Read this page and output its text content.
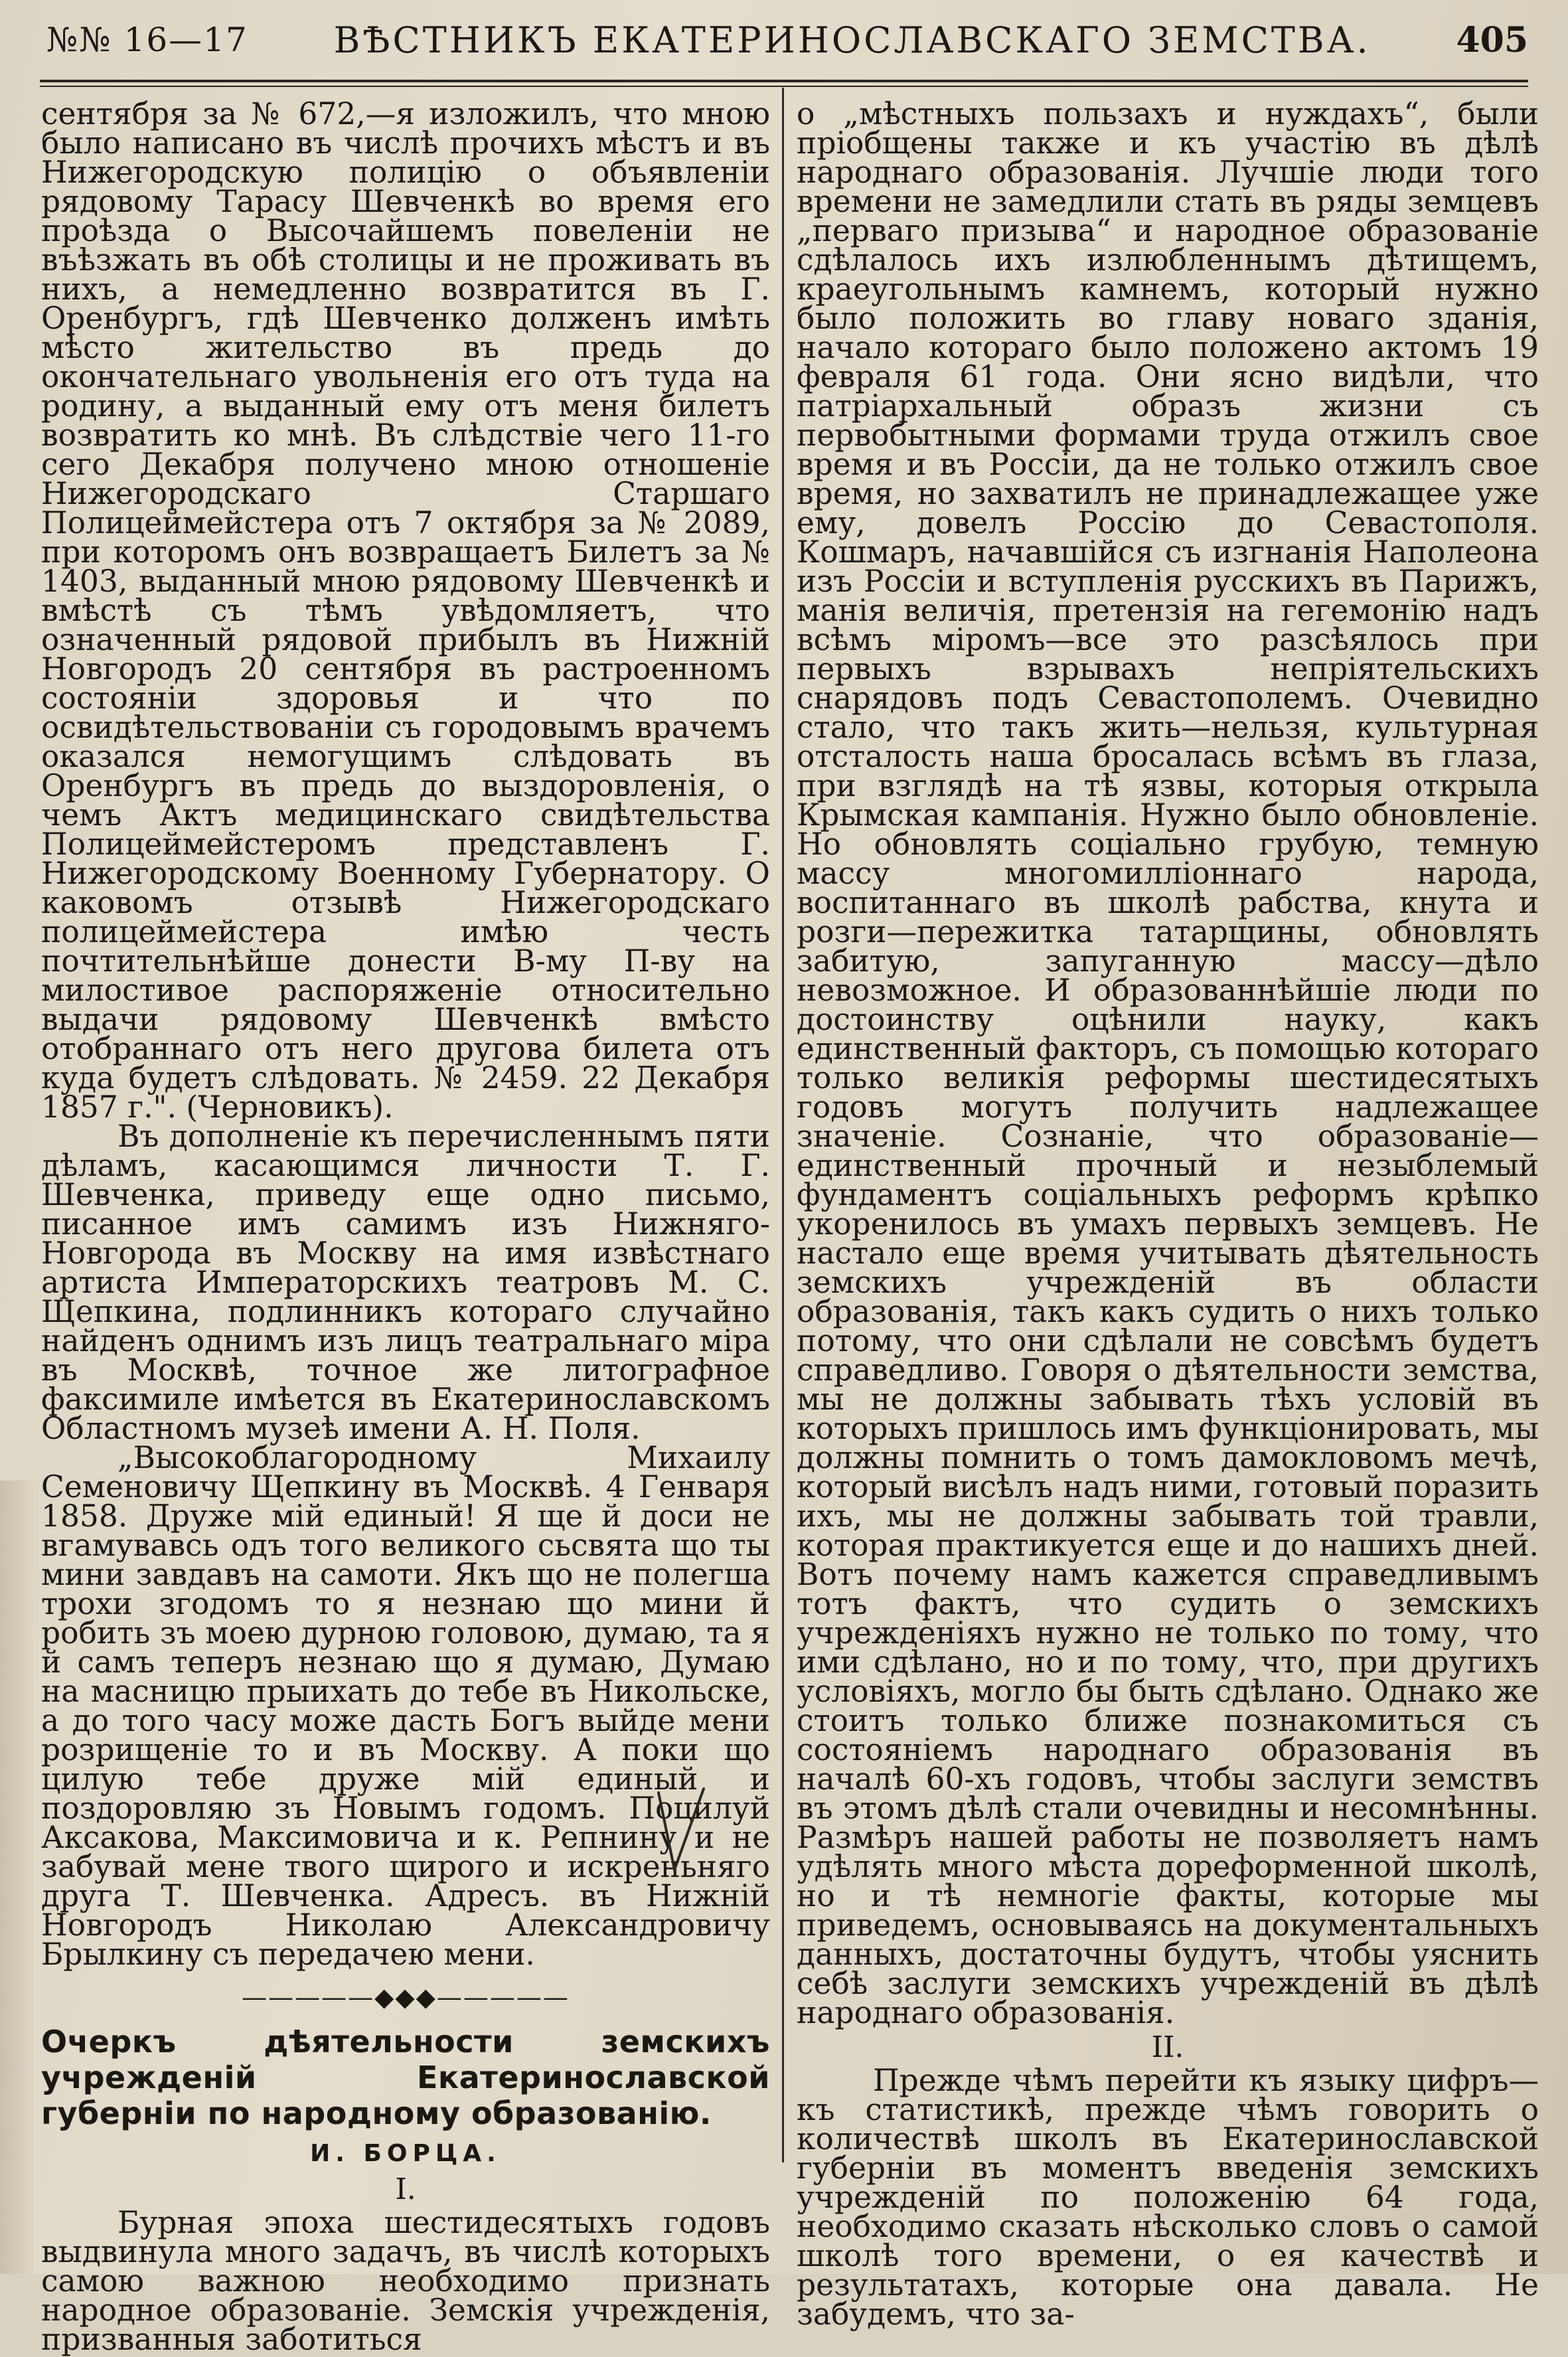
№№ 16—17 ВѢСТНИКЪ ЕКАТЕРИНОСЛАВСКАГО ЗЕМСТВА. 405

сентября за № 672,—я изложилъ, что мною было написано въ числѣ прочихъ мѣстъ и въ Нижегородскую полицію о объявленіи рядовому Тарасу Шевченкѣ во время его проѣзда о Высочайшемъ повеленіи не въѣзжать въ обѣ столицы и не проживать въ нихъ, а немедленно возвратится въ Г. Оренбургъ, гдѣ Шевченко долженъ имѣть мѣсто жительство въ предь до окончательнаго увольненія его отъ туда на родину, а выданный ему отъ меня билетъ возвратить ко мнѣ. Въ слѣдствіе чего 11-го сего Декабря получено мною отношеніе Нижегородскаго Старшаго Полицеймейстера отъ 7 октября за № 2089, при которомъ онъ возвращаетъ Билетъ за № 1403, выданный мною рядовому Шевченкѣ и вмѣстѣ съ тѣмъ увѣдомляетъ, что означенный рядовой прибылъ въ Нижній Новгородъ 20 сентября въ растроенномъ состояніи здоровья и что по освидѣтельствованіи съ городовымъ врачемъ оказался немогущимъ слѣдовать въ Оренбургъ въ предь до выздоровленія, о чемъ Актъ медицинскаго свидѣтельства Полицеймейстеромъ представленъ Г. Нижегородскому Военному Губернатору. О каковомъ отзывѣ Нижегородскаго полицеймейстера имѣю честь почтительнѣйше донести В-му П-ву на милостивое распоряженіе относительно выдачи рядовому Шевченкѣ вмѣсто отобраннаго отъ него другова билета отъ куда будетъ слѣдовать. № 2459. 22 Декабря 1857 г.". (Черновикъ).

Въ дополненіе къ перечисленнымъ пяти дѣламъ, касающимся личности Т. Г. Шевченка, приведу еще одно письмо, писанное имъ самимъ изъ Нижняго-Новгорода въ Москву на имя извѣстнаго артиста Императорскихъ театровъ М. С. Щепкина, подлинникъ котораго случайно найденъ однимъ изъ лицъ театральнаго міра въ Москвѣ, точное же литографное факсимиле имѣется въ Екатеринославскомъ Областномъ музеѣ имени А. Н. Поля.

„Высокоблагородному Михаилу Семеновичу Щепкину въ Москвѣ. 4 Генваря 1858. Друже мій единый! Я ще й доси не вгамувавсь одъ того великого сьсвята що ты мини завдавъ на самоти. Якъ що не полегша трохи згодомъ то я незнаю що мини й робить зъ моею дурною головою, думаю, та я й самъ теперъ незнаю що я думаю, Думаю на масницю прыихать до тебе въ Никольске, а до того часу може дасть Богъ выйде мени розрищеніе то и въ Москву. А поки що цилую тебе друже мій единый и поздоровляю зъ Новымъ годомъ. Поцилуй Аксакова, Максимовича и к. Репнину и не забувай мене твого щирого и искреньняго друга Т. Шевченка. Адресъ. въ Нижній Новгородъ Николаю Александровичу Брылкину съ передачею мени.

—————◆◆◆—————
Очеркъ дѣятельности земскихъ учрежденій Екатеринославской губерніи по народному образованію.
И. БОРЦА.
I.

Бурная эпоха шестидесятыхъ годовъ выдвинула много задачъ, въ числѣ которыхъ самою важною необходимо признать народное образованіе. Земскія учрежденія, призванныя заботиться

о „мѣстныхъ пользахъ и нуждахъ“, были пріобщены также и къ участію въ дѣлѣ народнаго образованія. Лучшіе люди того времени не замедлили стать въ ряды земцевъ „перваго призыва“ и народное образованіе сдѣлалось ихъ излюбленнымъ дѣтищемъ, краеугольнымъ камнемъ, который нужно было положить во главу новаго зданія, начало котораго было положено актомъ 19 февраля 61 года. Они ясно видѣли, что патріархальный образъ жизни съ первобытными формами труда отжилъ свое время и въ Россіи, да не только отжилъ свое время, но захватилъ не принадлежащее уже ему, довелъ Россію до Севастополя. Кошмаръ, начавшійся съ изгнанія Наполеона изъ Россіи и вступленія русскихъ въ Парижъ, манія величія, претензія на гегемонію надъ всѣмъ міромъ—все это разсѣялось при первыхъ взрывахъ непріятельскихъ снарядовъ подъ Севастополемъ. Очевидно стало, что такъ жить—нельзя, культурная отсталость наша бросалась всѣмъ въ глаза, при взглядѣ на тѣ язвы, которыя открыла Крымская кампанія. Нужно было обновленіе. Но обновлять соціально грубую, темную массу многомилліоннаго народа, воспитаннаго въ школѣ рабства, кнута и розги—пережитка татарщины, обновлять забитую, запуганную массу—дѣло невозможное. И образованнѣйшіе люди по достоинству оцѣнили науку, какъ единственный факторъ, съ помощью котораго только великія реформы шестидесятыхъ годовъ могутъ получить надлежащее значеніе. Сознаніе, что образованіе—единственный прочный и незыблемый фундаментъ соціальныхъ реформъ крѣпко укоренилось въ умахъ первыхъ земцевъ. Не настало еще время учитывать дѣятельность земскихъ учрежденій въ области образованія, такъ какъ судить о нихъ только потому, что они сдѣлали не совсѣмъ будетъ справедливо. Говоря о дѣятельности земства, мы не должны забывать тѣхъ условій въ которыхъ пришлось имъ функціонировать, мы должны помнить о томъ дамокловомъ мечѣ, который висѣлъ надъ ними, готовый поразить ихъ, мы не должны забывать той травли, которая практикуется еще и до нашихъ дней. Вотъ почему намъ кажется справедливымъ тотъ фактъ, что судить о земскихъ учрежденіяхъ нужно не только по тому, что ими сдѣлано, но и по тому, что, при другихъ условіяхъ, могло бы быть сдѣлано. Однако же стоитъ только ближе познакомиться съ состояніемъ народнаго образованія въ началѣ 60-хъ годовъ, чтобы заслуги земствъ въ этомъ дѣлѣ стали очевидны и несомнѣнны. Размѣръ нашей работы не позволяетъ намъ удѣлять много мѣста дореформенной школѣ, но и тѣ немногіе факты, которые мы приведемъ, основываясь на документальныхъ данныхъ, достаточны будутъ, чтобы уяснить себѣ заслуги земскихъ учрежденій въ дѣлѣ народнаго образованія.

II.

Прежде чѣмъ перейти къ языку цифръ—къ статистикѣ, прежде чѣмъ говорить о количествѣ школъ въ Екатеринославской губерніи въ моментъ введенія земскихъ учрежденій по положенію 64 года, необходимо сказать нѣсколько словъ о самой школѣ того времени, о ея качествѣ и результатахъ, которые она давала. Не забудемъ, что за-
